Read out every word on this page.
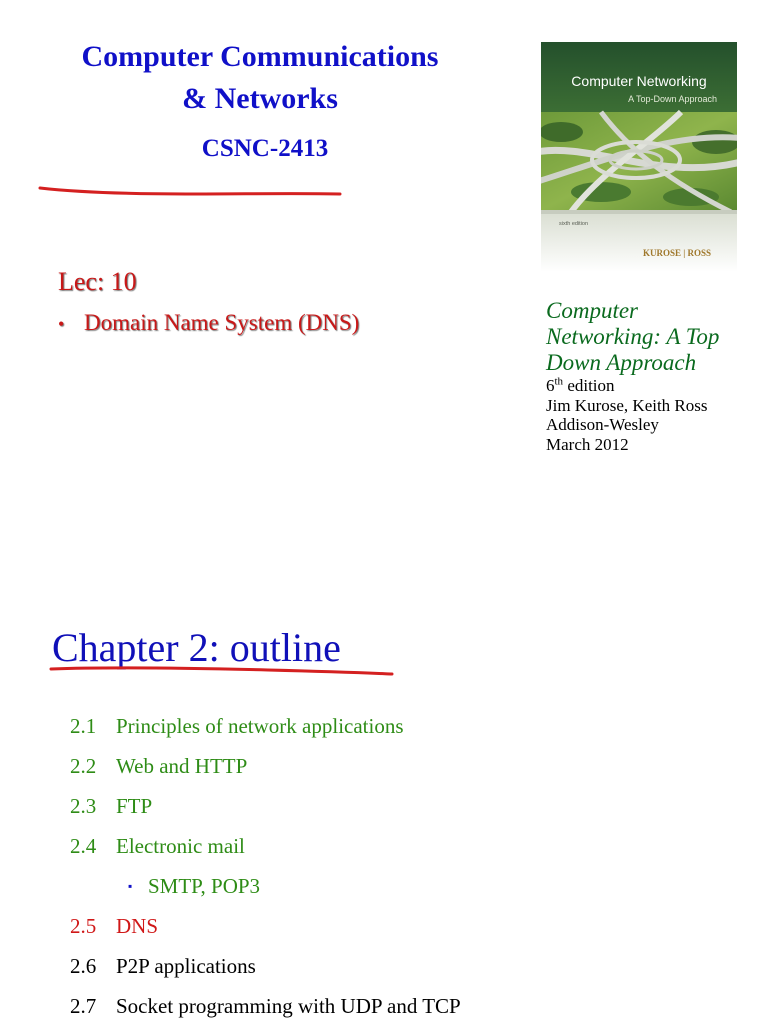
Computer Communications
& Networks
CSNC-2413
sixth edition
Computer Networking
A Top-Down Approach
KUROSE | ROSS
Lec: 10
• Domain Name System (DNS)	Computer
Networking: A Top
Down Approach
6th edition
Jim Kurose, Keith Ross
Addison-Wesley
March 2012
Chapter 2: outline
2.1 Principles of network applications
2.2 Web and HTTP
2.3 FTP
2.4 Electronic mail
▪ SMTP, POP3
2.5 DNS
2.6 P2P applications
2.7 Socket programming with UDP and TCP
